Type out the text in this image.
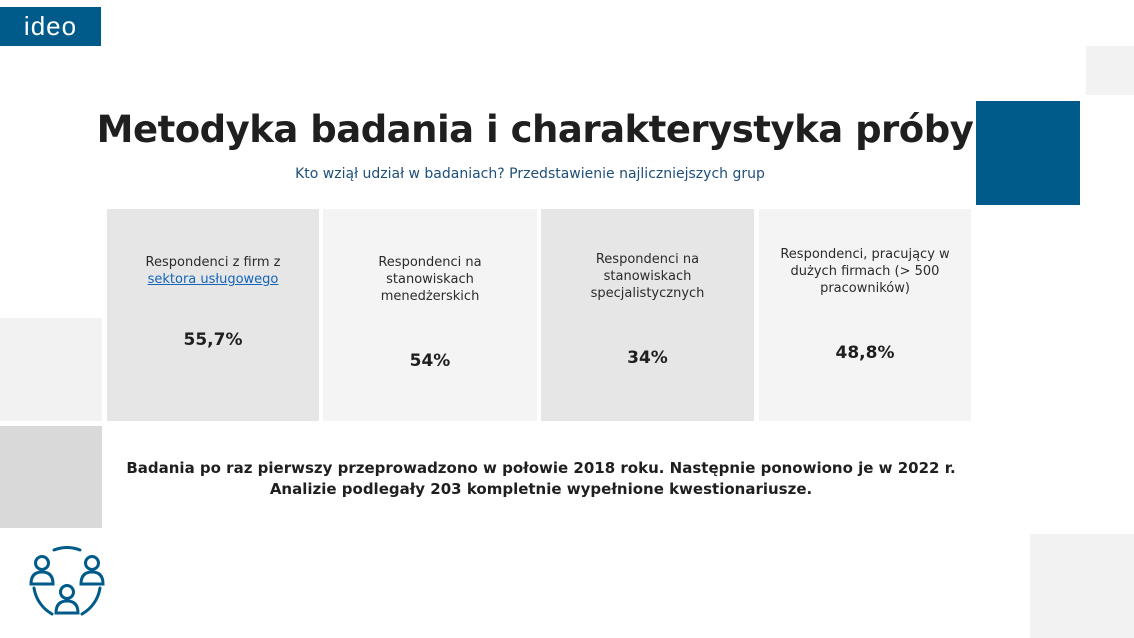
ideo
Metodyka badania i charakterystyka próby
Kto wziął udział w badaniach? Przedstawienie najliczniejszych grup
Respondenci z firm z
sektora usługowego
55,7%
Respondenci na stanowiskach menedżerskich
54%
Respondenci na stanowiskach specjalistycznych
34%
Respondenci, pracujący w dużych firmach (> 500 pracowników)
48,8%
Badania po raz pierwszy przeprowadzono w połowie 2018 roku. Następnie ponowiono je w 2022 r.
Analizie podlegały 203 kompletnie wypełnione kwestionariusze.
